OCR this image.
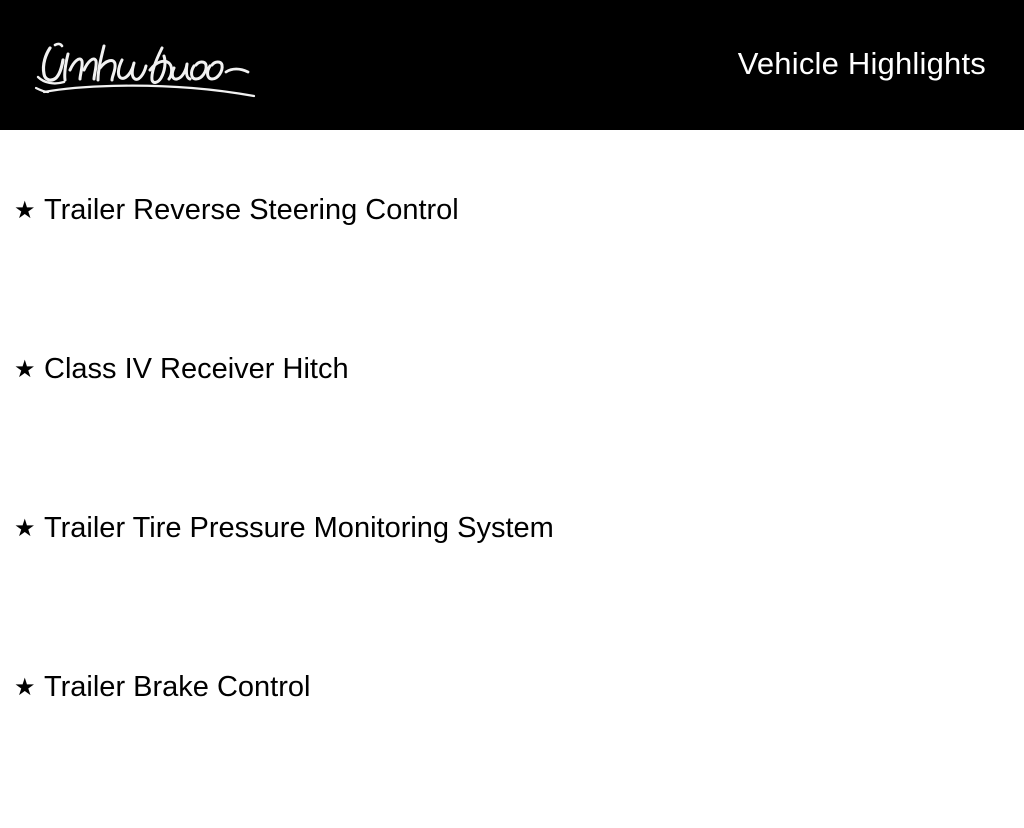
Vehicle Highlights
★ Trailer Reverse Steering Control
★ Class IV Receiver Hitch
★ Trailer Tire Pressure Monitoring System
★ Trailer Brake Control
